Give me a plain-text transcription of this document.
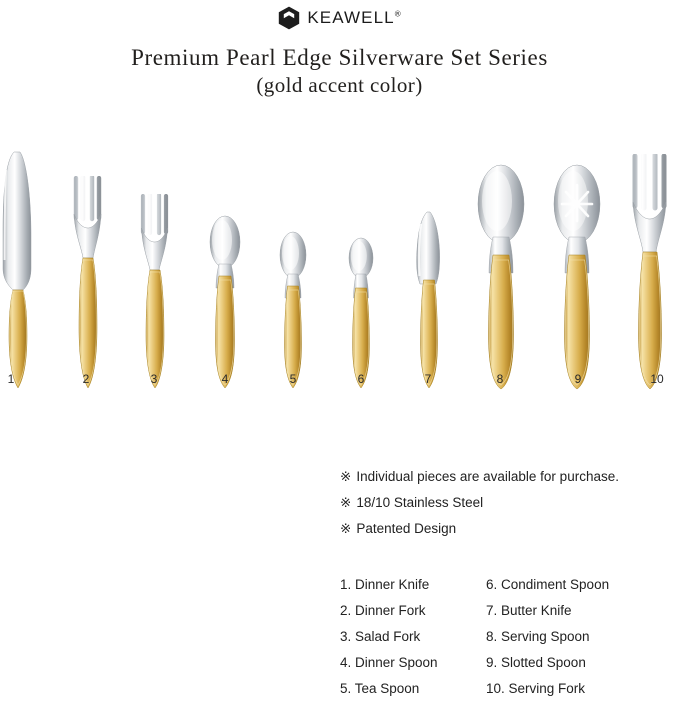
KEAWELL®
Premium Pearl Edge Silverware Set Series
(gold accent color)
1	2	3	4	5	6	7	8	9	10
※ Individual pieces are available for purchase.
※ 18/10 Stainless Steel
※ Patented Design
1. Dinner Knife
2. Dinner Fork
3. Salad Fork
4. Dinner Spoon
5. Tea Spoon
6. Condiment Spoon
7. Butter Knife
8. Serving Spoon
9. Slotted Spoon
10. Serving Fork
